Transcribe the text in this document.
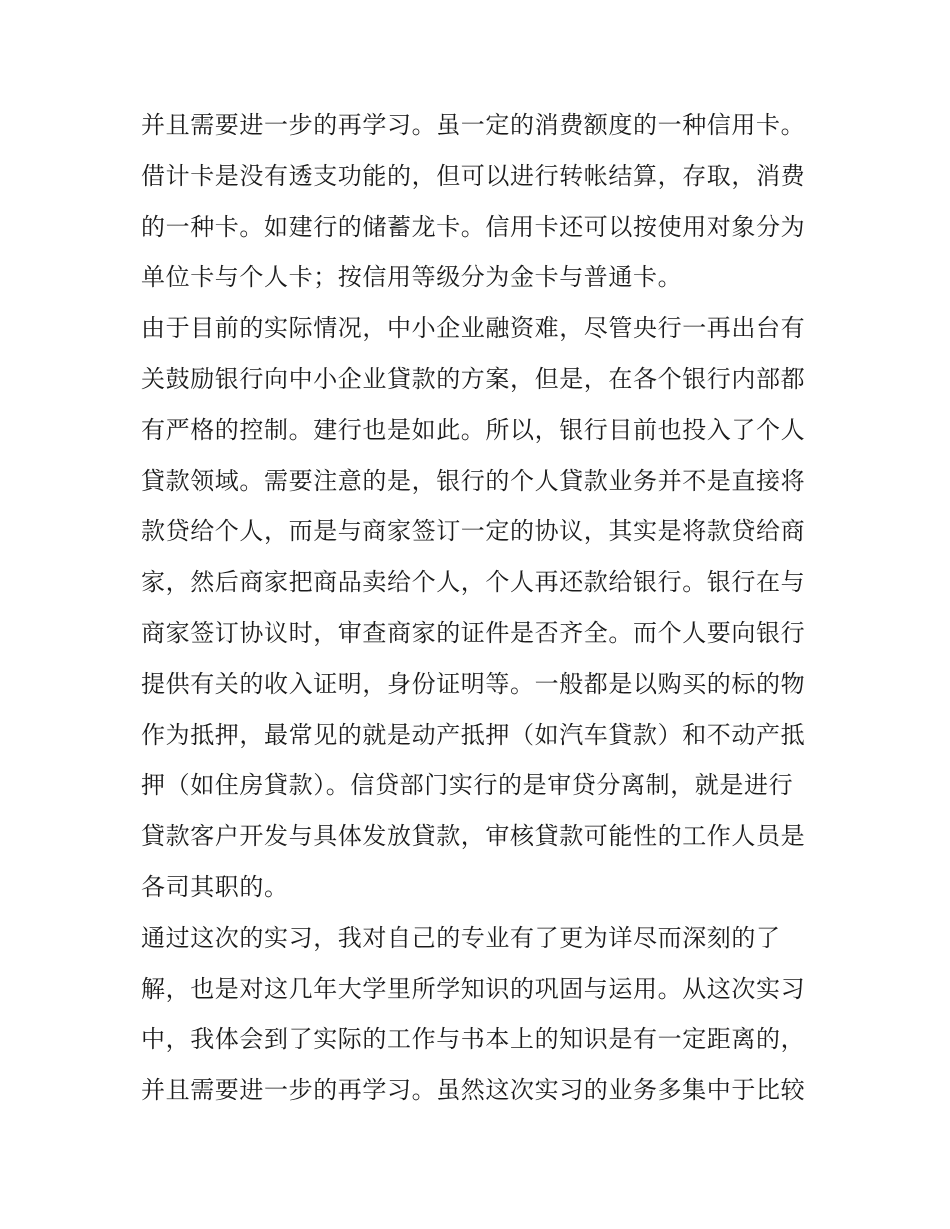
并且需要进一步的再学习。虽一定的消费额度的一种信用卡。
借计卡是没有透支功能的，但可以进行转帐结算，存取，消费
的一种卡。如建行的储蓄龙卡。信用卡还可以按使用对象分为
单位卡与个人卡；按信用等级分为金卡与普通卡。
由于目前的实际情况，中小企业融资难，尽管央行一再出台有
关鼓励银行向中小企业貸款的方案，但是，在各个银行内部都
有严格的控制。建行也是如此。所以，银行目前也投入了个人
貸款领域。需要注意的是，银行的个人貸款业务并不是直接将
款贷给个人，而是与商家签订一定的协议，其实是将款贷给商
家，然后商家把商品卖给个人，个人再还款给银行。银行在与
商家签订协议时，审查商家的证件是否齐全。而个人要向银行
提供有关的收入证明，身份证明等。一般都是以购买的标的物
作为抵押，最常见的就是动产抵押（如汽车貸款）和不动产抵
押（如住房貸款）。信贷部门实行的是审贷分离制，就是进行
貸款客户开发与具体发放貸款，审核貸款可能性的工作人员是
各司其职的。
通过这次的实习，我对自己的专业有了更为详尽而深刻的了
解，也是对这几年大学里所学知识的巩固与运用。从这次实习
中，我体会到了实际的工作与书本上的知识是有一定距离的，
并且需要进一步的再学习。虽然这次实习的业务多集中于比较
